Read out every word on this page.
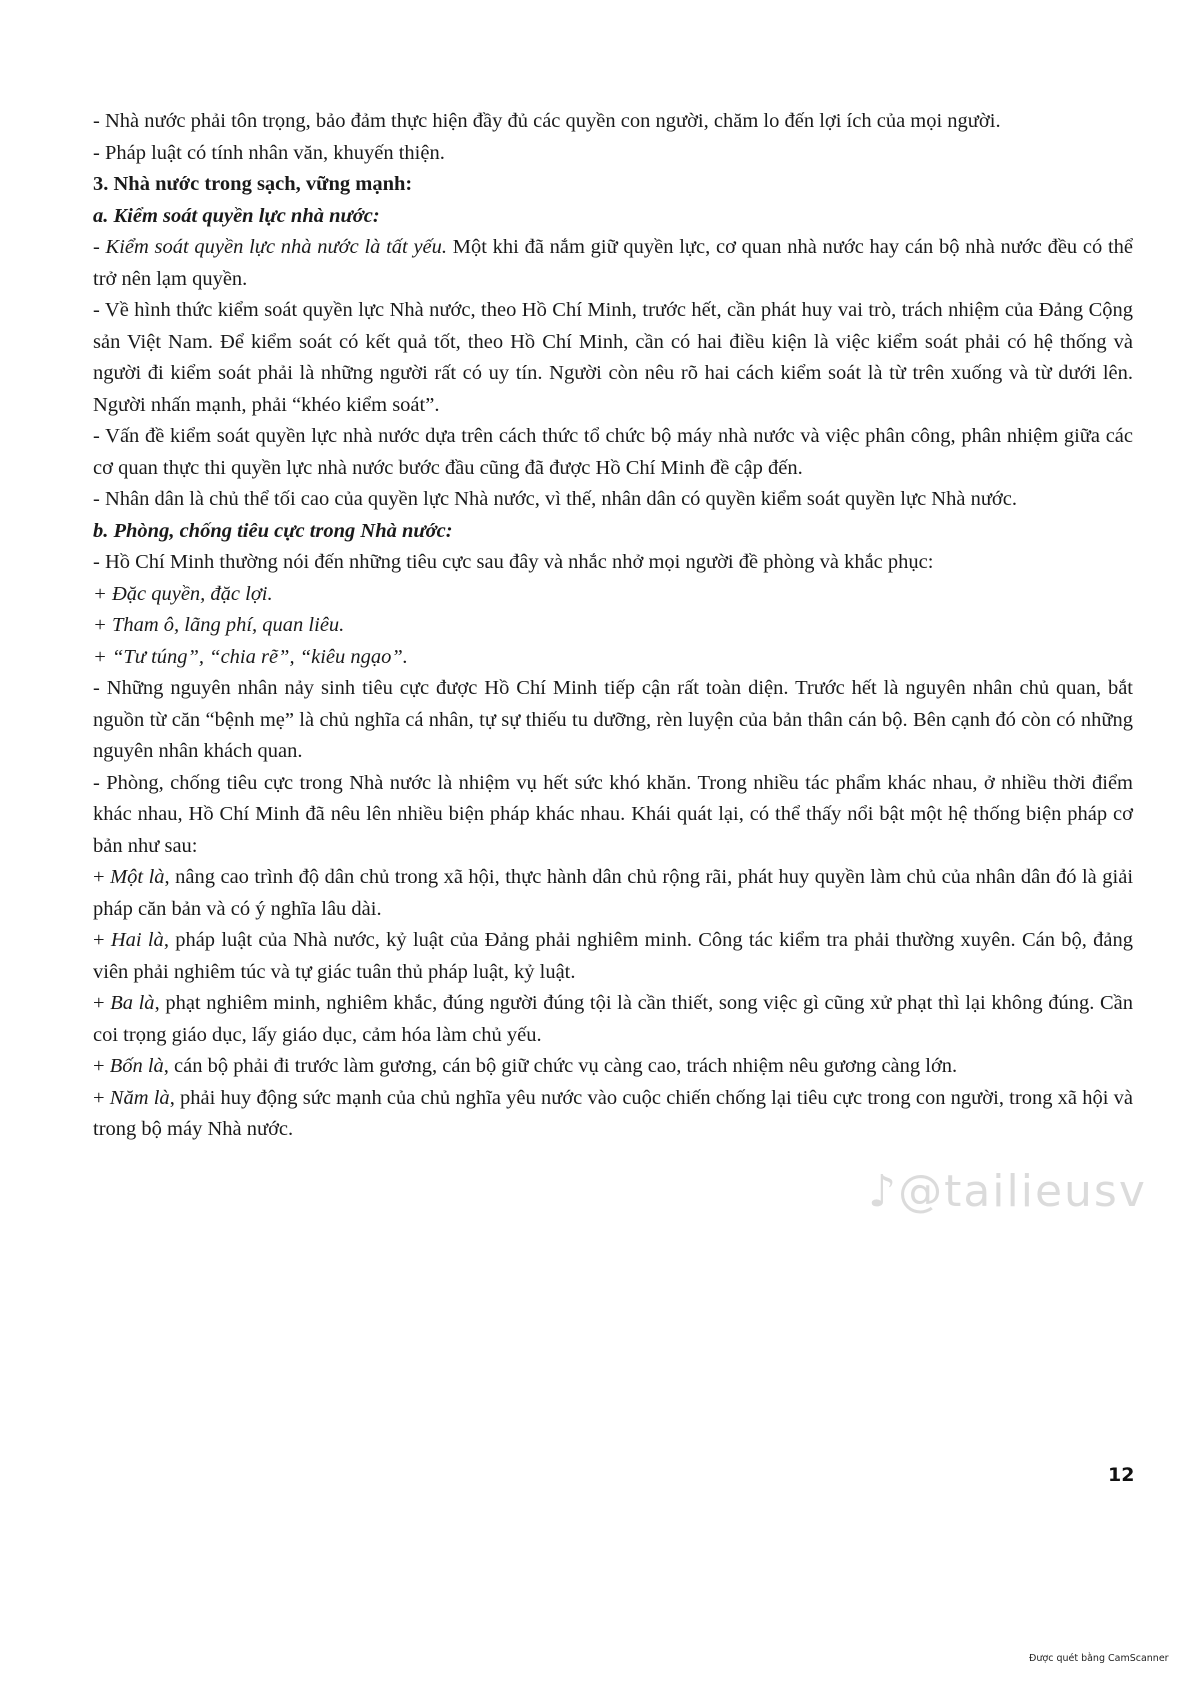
- Nhà nước phải tôn trọng, bảo đảm thực hiện đầy đủ các quyền con người, chăm lo đến lợi ích của mọi người.

- Pháp luật có tính nhân văn, khuyến thiện.

3. Nhà nước trong sạch, vững mạnh:

a. Kiểm soát quyền lực nhà nước:

- Kiểm soát quyền lực nhà nước là tất yếu. Một khi đã nắm giữ quyền lực, cơ quan nhà nước hay cán bộ nhà nước đều có thể trở nên lạm quyền.

- Về hình thức kiểm soát quyền lực Nhà nước, theo Hồ Chí Minh, trước hết, cần phát huy vai trò, trách nhiệm của Đảng Cộng sản Việt Nam. Để kiểm soát có kết quả tốt, theo Hồ Chí Minh, cần có hai điều kiện là việc kiểm soát phải có hệ thống và người đi kiểm soát phải là những người rất có uy tín. Người còn nêu rõ hai cách kiểm soát là từ trên xuống và từ dưới lên. Người nhấn mạnh, phải “khéo kiểm soát”.

- Vấn đề kiểm soát quyền lực nhà nước dựa trên cách thức tổ chức bộ máy nhà nước và việc phân công, phân nhiệm giữa các cơ quan thực thi quyền lực nhà nước bước đầu cũng đã được Hồ Chí Minh đề cập đến.

- Nhân dân là chủ thể tối cao của quyền lực Nhà nước, vì thế, nhân dân có quyền kiểm soát quyền lực Nhà nước.

b. Phòng, chống tiêu cực trong Nhà nước:

- Hồ Chí Minh thường nói đến những tiêu cực sau đây và nhắc nhở mọi người đề phòng và khắc phục:

+ Đặc quyền, đặc lợi.

+ Tham ô, lãng phí, quan liêu.

+ “Tư túng”, “chia rẽ”, “kiêu ngạo”.

- Những nguyên nhân nảy sinh tiêu cực được Hồ Chí Minh tiếp cận rất toàn diện. Trước hết là nguyên nhân chủ quan, bắt nguồn từ căn “bệnh mẹ” là chủ nghĩa cá nhân, tự sự thiếu tu dưỡng, rèn luyện của bản thân cán bộ. Bên cạnh đó còn có những nguyên nhân khách quan.

- Phòng, chống tiêu cực trong Nhà nước là nhiệm vụ hết sức khó khăn. Trong nhiều tác phẩm khác nhau, ở nhiều thời điểm khác nhau, Hồ Chí Minh đã nêu lên nhiều biện pháp khác nhau. Khái quát lại, có thể thấy nổi bật một hệ thống biện pháp cơ bản như sau:

+ Một là, nâng cao trình độ dân chủ trong xã hội, thực hành dân chủ rộng rãi, phát huy quyền làm chủ của nhân dân đó là giải pháp căn bản và có ý nghĩa lâu dài.

+ Hai là, pháp luật của Nhà nước, kỷ luật của Đảng phải nghiêm minh. Công tác kiểm tra phải thường xuyên. Cán bộ, đảng viên phải nghiêm túc và tự giác tuân thủ pháp luật, kỷ luật.

+ Ba là, phạt nghiêm minh, nghiêm khắc, đúng người đúng tội là cần thiết, song việc gì cũng xử phạt thì lại không đúng. Cần coi trọng giáo dục, lấy giáo dục, cảm hóa làm chủ yếu.

+ Bốn là, cán bộ phải đi trước làm gương, cán bộ giữ chức vụ càng cao, trách nhiệm nêu gương càng lớn.

+ Năm là, phải huy động sức mạnh của chủ nghĩa yêu nước vào cuộc chiến chống lại tiêu cực trong con người, trong xã hội và trong bộ máy Nhà nước.

♪@tailieusv
12
Được quét bằng CamScanner
